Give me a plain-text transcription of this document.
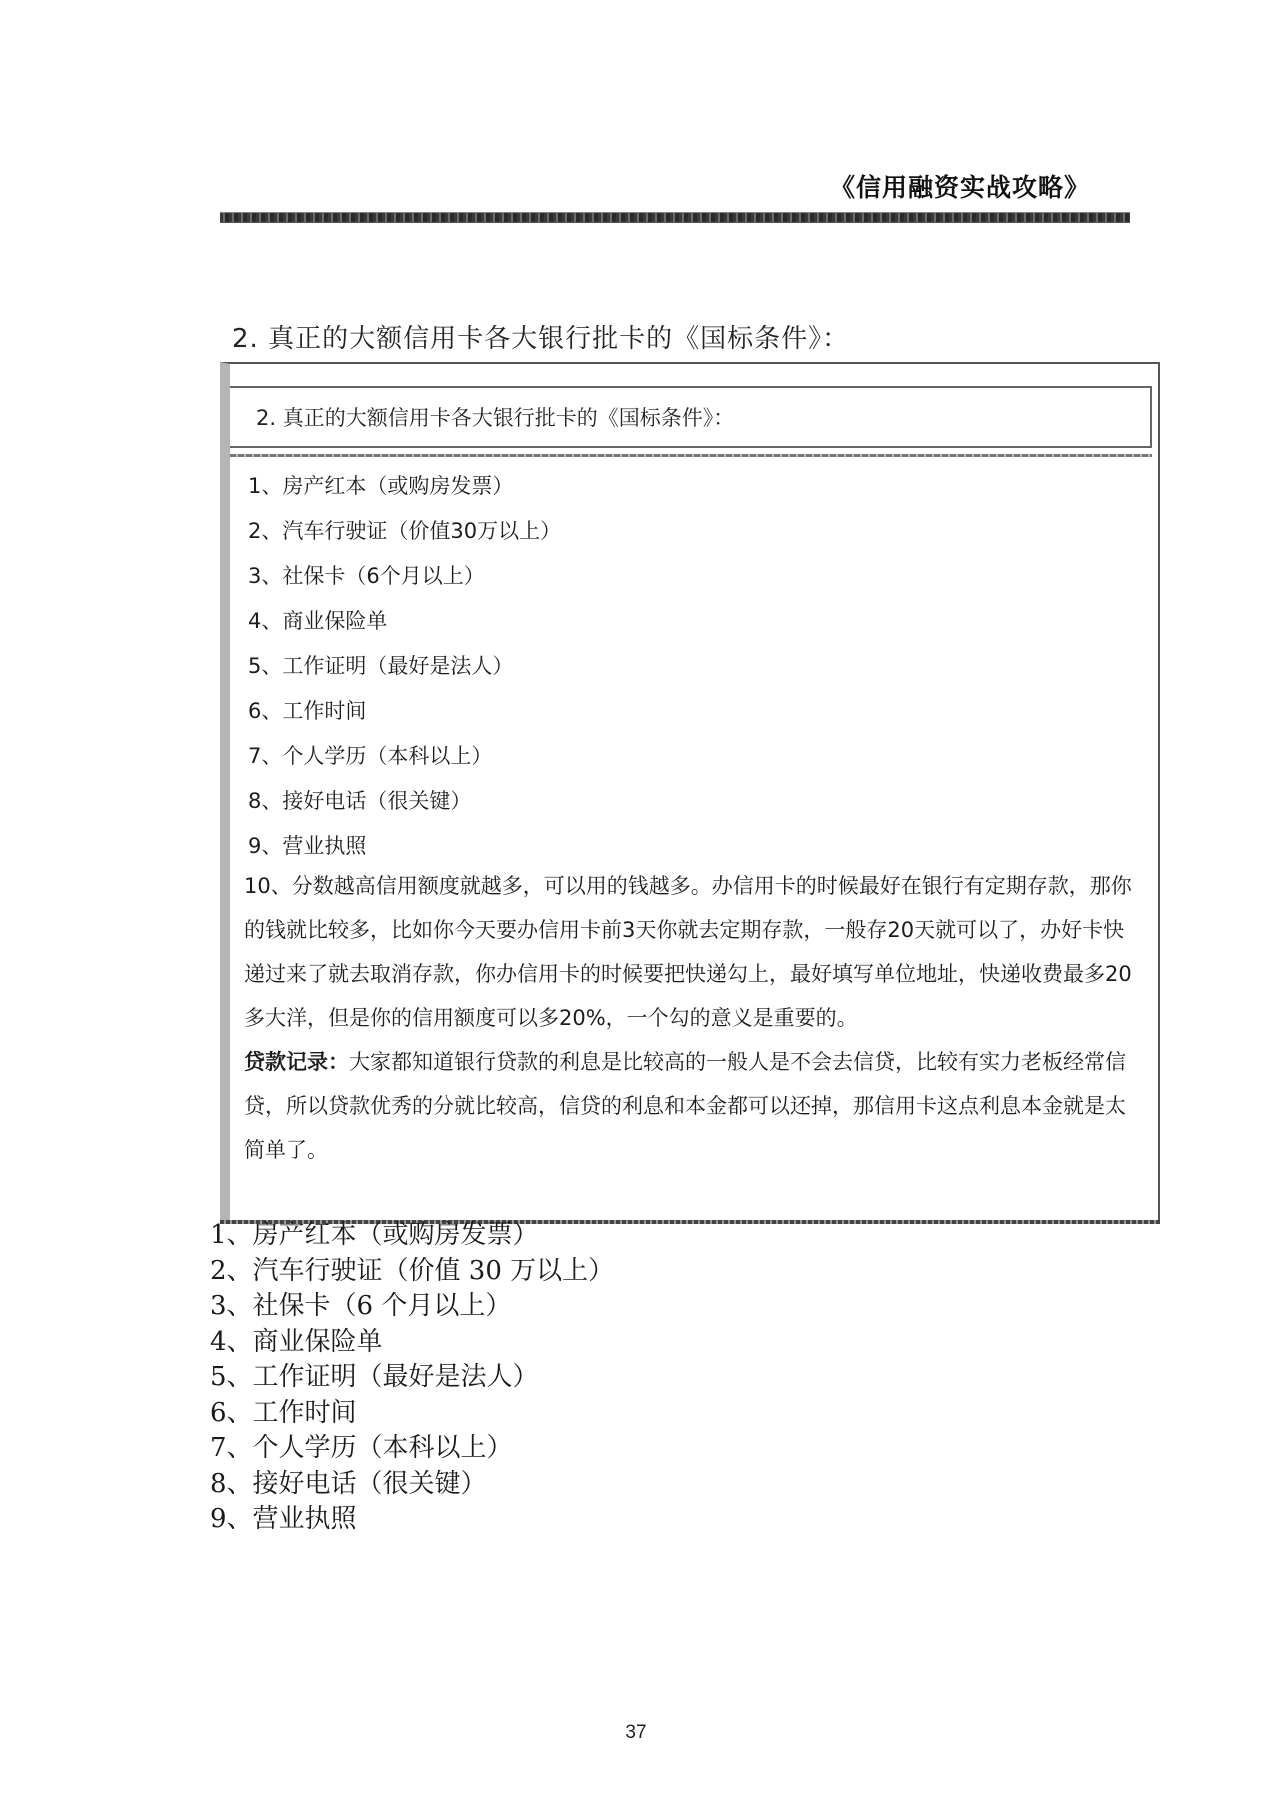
《信用融资实战攻略》
2. 真正的大额信用卡各大银行批卡的《国标条件》：
2. 真正的大额信用卡各大银行批卡的《国标条件》：
1、房产红本（或购房发票）
2、汽车行驶证（价值30万以上）
3、社保卡（6个月以上）
4、商业保险单
5、工作证明（最好是法人）
6、工作时间
7、个人学历（本科以上）
8、接好电话（很关键）
9、营业执照

10、分数越高信用额度就越多，可以用的钱越多。办信用卡的时候最好在银行有定期存款，那你的钱就比较多，比如你今天要办信用卡前3天你就去定期存款，一般存20天就可以了，办好卡快递过来了就去取消存款，你办信用卡的时候要把快递勾上，最好填写单位地址，快递收费最多20多大洋，但是你的信用额度可以多20%，一个勾的意义是重要的。

贷款记录：大家都知道银行贷款的利息是比较高的一般人是不会去信贷，比较有实力老板经常信贷，所以贷款优秀的分就比较高，信贷的利息和本金都可以还掉，那信用卡这点利息本金就是太简单了。

1、房产红本（或购房发票）
2、汽车行驶证（价值 30 万以上）
3、社保卡（6 个月以上）
4、商业保险单
5、工作证明（最好是法人）
6、工作时间
7、个人学历（本科以上）
8、接好电话（很关键）
9、营业执照
37
